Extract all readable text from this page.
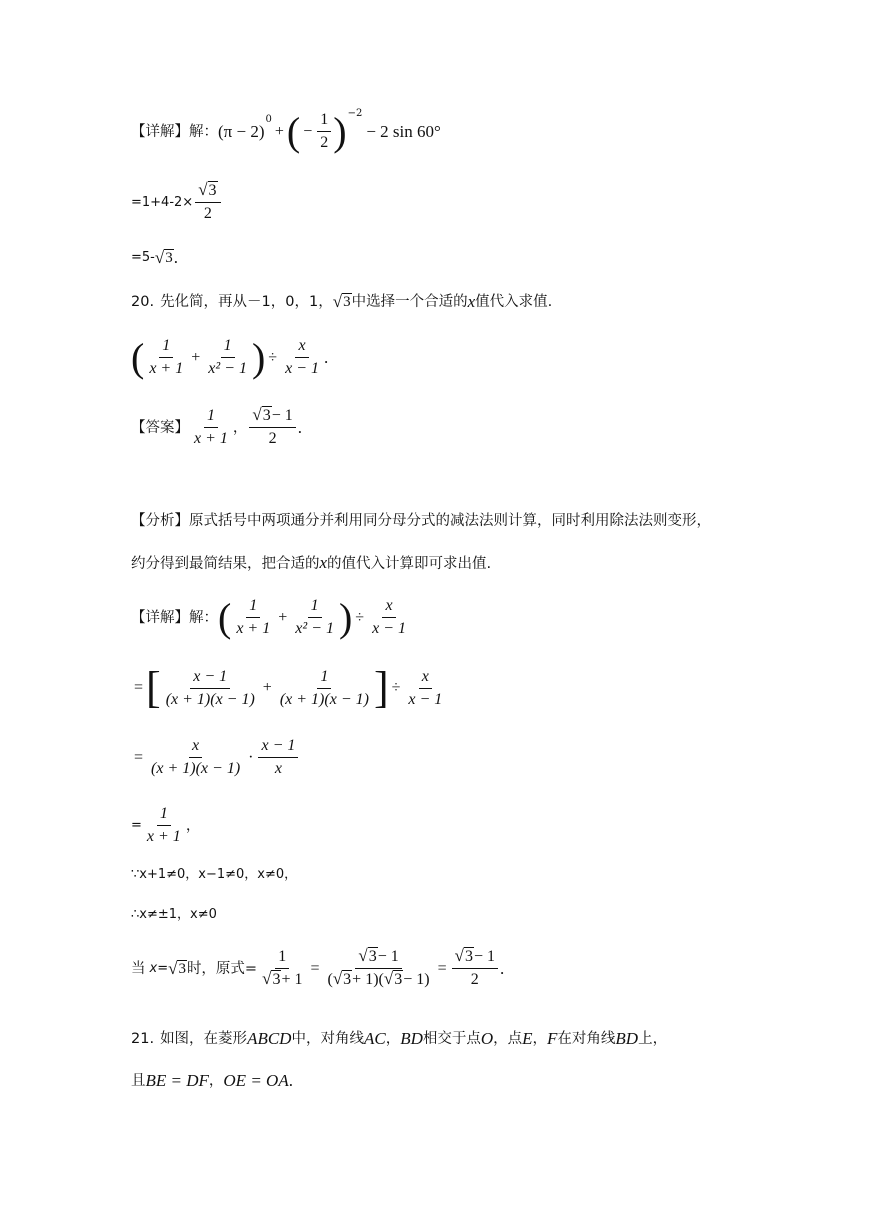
【详解】 解： (π − 2)
0
+ ( − $\frac{1}{2}$ ) −2
− 2 sin 60°
$=1+4-2\times \frac{√ 3}{2}$
=5- √ 3 .
20. 先化简，再从－1，0，1， √ 3 中选择一个合适的 x 值代入求值.
( $\frac{1}{x + 1} + \frac{1}{\text{x² − 1}}$ ) ÷ $\frac{x}{x - 1}$ .
【答案】 $\frac{1}{x + 1}$ ， $\frac{√ 3 - 1}{2}$ .
【分析】原式括号中两项通分并利用同分母分式的减法法则计算，同时利用除法法则变形，
约分得到最简结果，把合适的x的值代入计算即可求出值.
【详解】 解： ( $\frac{1}{x + 1} + \frac{1}{\text{x² − 1}}$ ) ÷ $\frac{x}{x - 1}$
= [ $\frac{x - 1}{(x + 1)(x - 1)} + \frac{1}{(x + 1)(x - 1)}$ ] ÷ $\frac{x}{x - 1}$
= $\frac{x}{(x + 1)(x - 1)} \cdot \frac{x - 1}{x}$
= $\frac{1}{x + 1}$ ，
∵x+1≠0，x−1≠0，x≠0，
∴x≠±1，x≠0
当 x= √ 3 时，原式= $\frac{1}{√ 3 + 1} = \frac{√ 3 - 1}{( √ 3 + 1)( √ 3 - 1)} = \frac{√ 3 - 1}{2}$ .
21. 如图，在菱形 ABCD 中，对角线 AC ， BD 相交于点 O ，点 E ， F 在对角线 BD 上，
且 BE = DF ， OE = OA .
